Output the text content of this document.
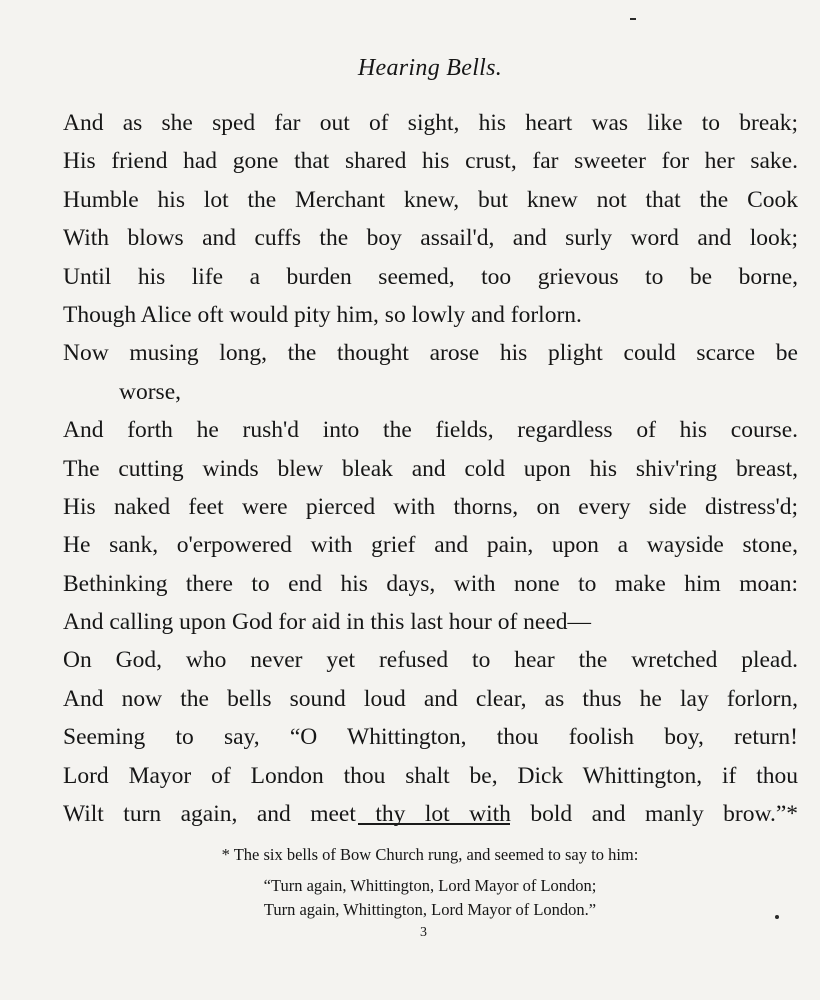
Hearing Bells.
And as she sped far out of sight, his heart was like to break;
His friend had gone that shared his crust, far sweeter for her sake.
Humble his lot the Merchant knew, but knew not that the Cook
With blows and cuffs the boy assail'd, and surly word and look;
Until his life a burden seemed, too grievous to be borne,
Though Alice oft would pity him, so lowly and forlorn.
Now musing long, the thought arose his plight could scarce be
worse,
And forth he rush'd into the fields, regardless of his course.
The cutting winds blew bleak and cold upon his shiv'ring breast,
His naked feet were pierced with thorns, on every side distress'd;
He sank, o'erpowered with grief and pain, upon a wayside stone,
Bethinking there to end his days, with none to make him moan:
And calling upon God for aid in this last hour of need—
On God, who never yet refused to hear the wretched plead.
And now the bells sound loud and clear, as thus he lay forlorn,
Seeming to say, “O Whittington, thou foolish boy, return!
Lord Mayor of London thou shalt be, Dick Whittington, if thou
Wilt turn again, and meet thy lot with bold and manly brow.”*
* The six bells of Bow Church rung, and seemed to say to him:
“Turn again, Whittington, Lord Mayor of London;
Turn again, Whittington, Lord Mayor of London.”
3
